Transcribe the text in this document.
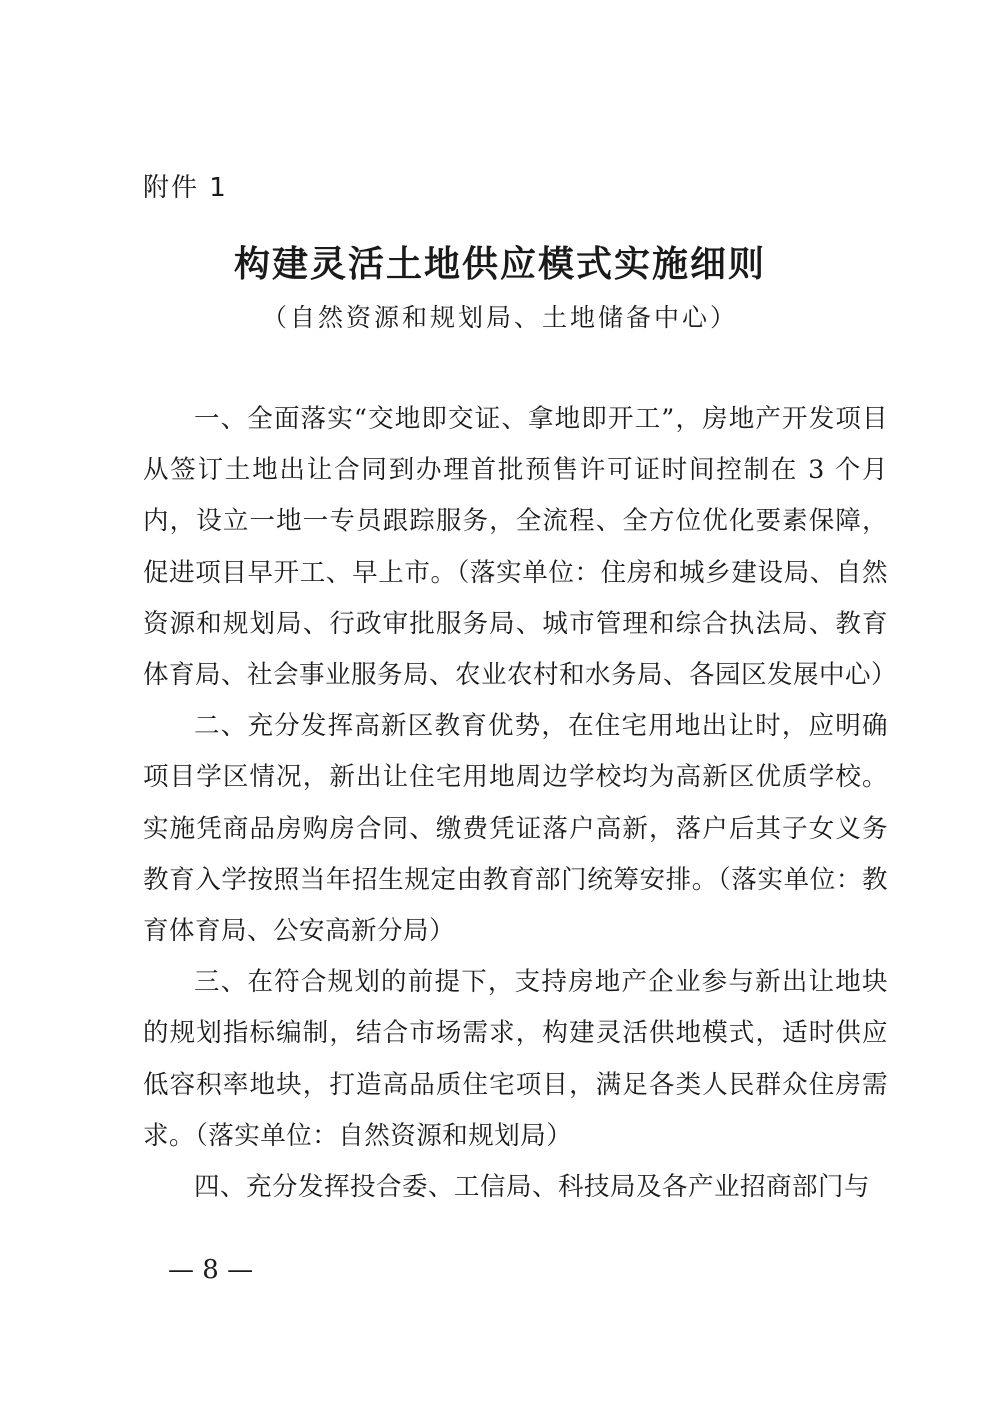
附件 1

构建灵活土地供应模式实施细则

（自然资源和规划局、土地储备中心）

一、全面落实“交地即交证、拿地即开工”，房地产开发项目从签订土地出让合同到办理首批预售许可证时间控制在 3 个月内，设立一地一专员跟踪服务，全流程、全方位优化要素保障，促进项目早开工、早上市。（落实单位：住房和城乡建设局、自然资源和规划局、行政审批服务局、城市管理和综合执法局、教育体育局、社会事业服务局、农业农村和水务局、各园区发展中心）

二、充分发挥高新区教育优势，在住宅用地出让时，应明确项目学区情况，新出让住宅用地周边学校均为高新区优质学校。实施凭商品房购房合同、缴费凭证落户高新，落户后其子女义务教育入学按照当年招生规定由教育部门统筹安排。（落实单位：教育体育局、公安高新分局）

三、在符合规划的前提下，支持房地产企业参与新出让地块的规划指标编制，结合市场需求，构建灵活供地模式，适时供应低容积率地块，打造高品质住宅项目，满足各类人民群众住房需求。（落实单位：自然资源和规划局）

四、充分发挥投合委、工信局、科技局及各产业招商部门与

— 8 —
